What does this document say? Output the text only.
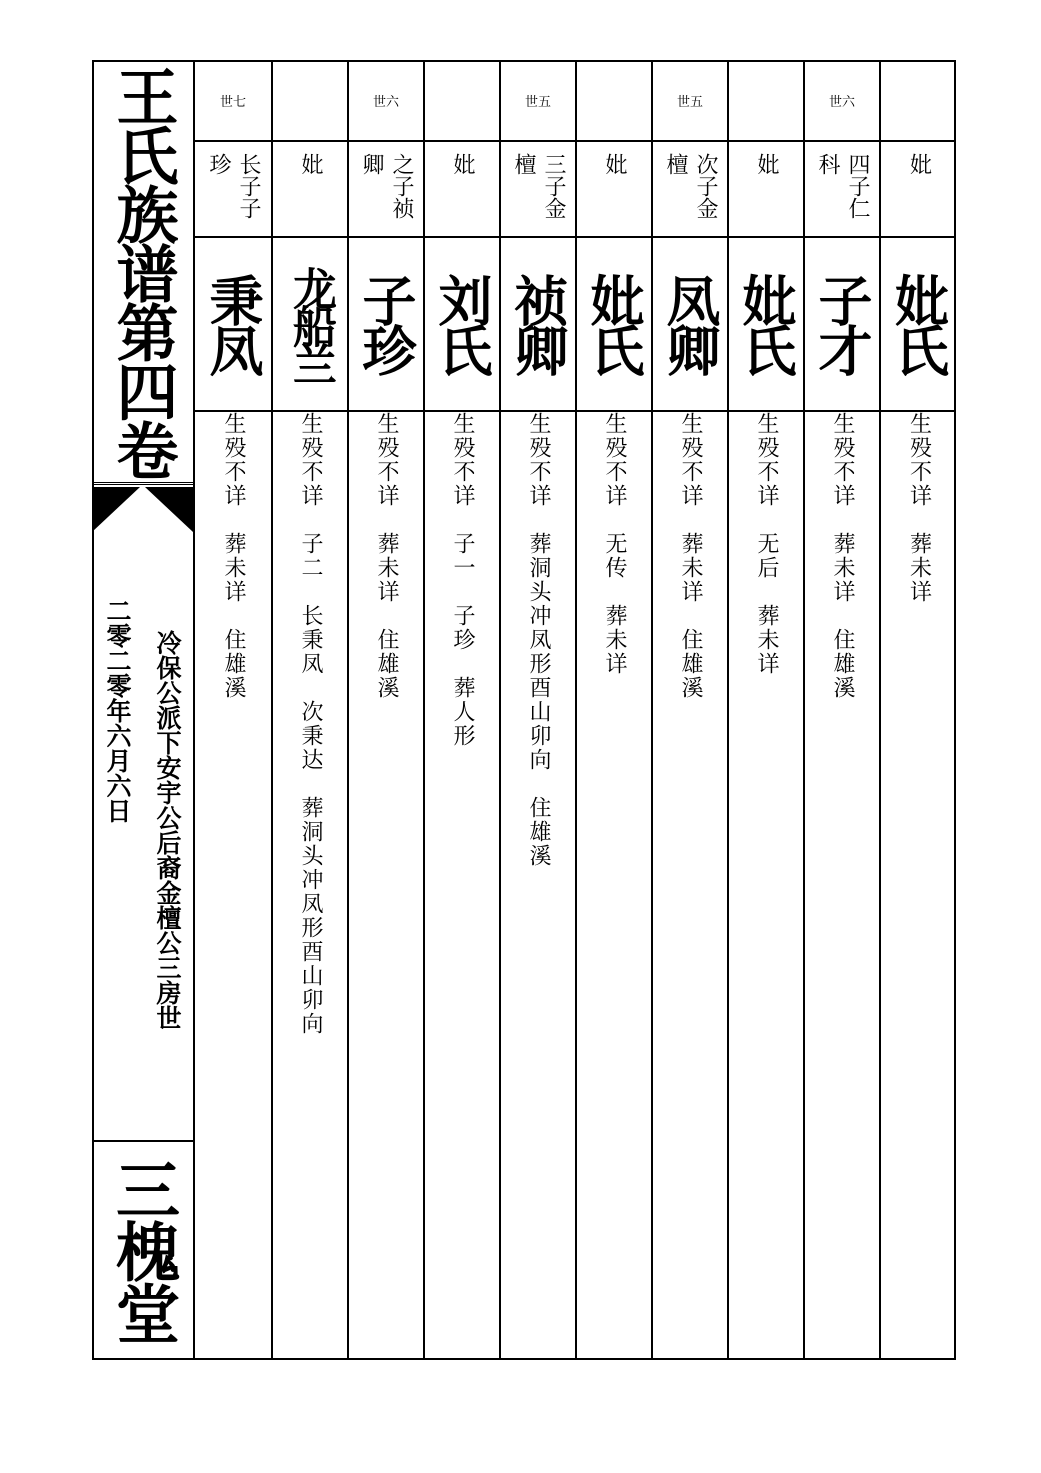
王氏族谱第四卷
冷保公派下安宇公后裔金檀公三房世
二零二零年六月六日
三槐堂
世七
长子子珍
秉凤
生殁不详　葬未详　住雄溪
妣
龙船兰
生殁不详　子二　长秉凤　次秉达　葬洞头冲凤形酉山卯向
世六
之子祯卿
子珍
生殁不详　葬未详　住雄溪
妣
刘氏
生殁不详　子一　子珍　葬人形
世五
三子金檀
祯卿
生殁不详　葬洞头冲凤形酉山卯向　住雄溪
妣
妣氏
生殁不详　无传　葬未详
世五
次子金檀
凤卿
生殁不详　葬未详　住雄溪
妣
妣氏
生殁不详　无后　葬未详
世六
四子仁科
子才
生殁不详　葬未详　住雄溪
妣
妣氏
生殁不详　葬未详
